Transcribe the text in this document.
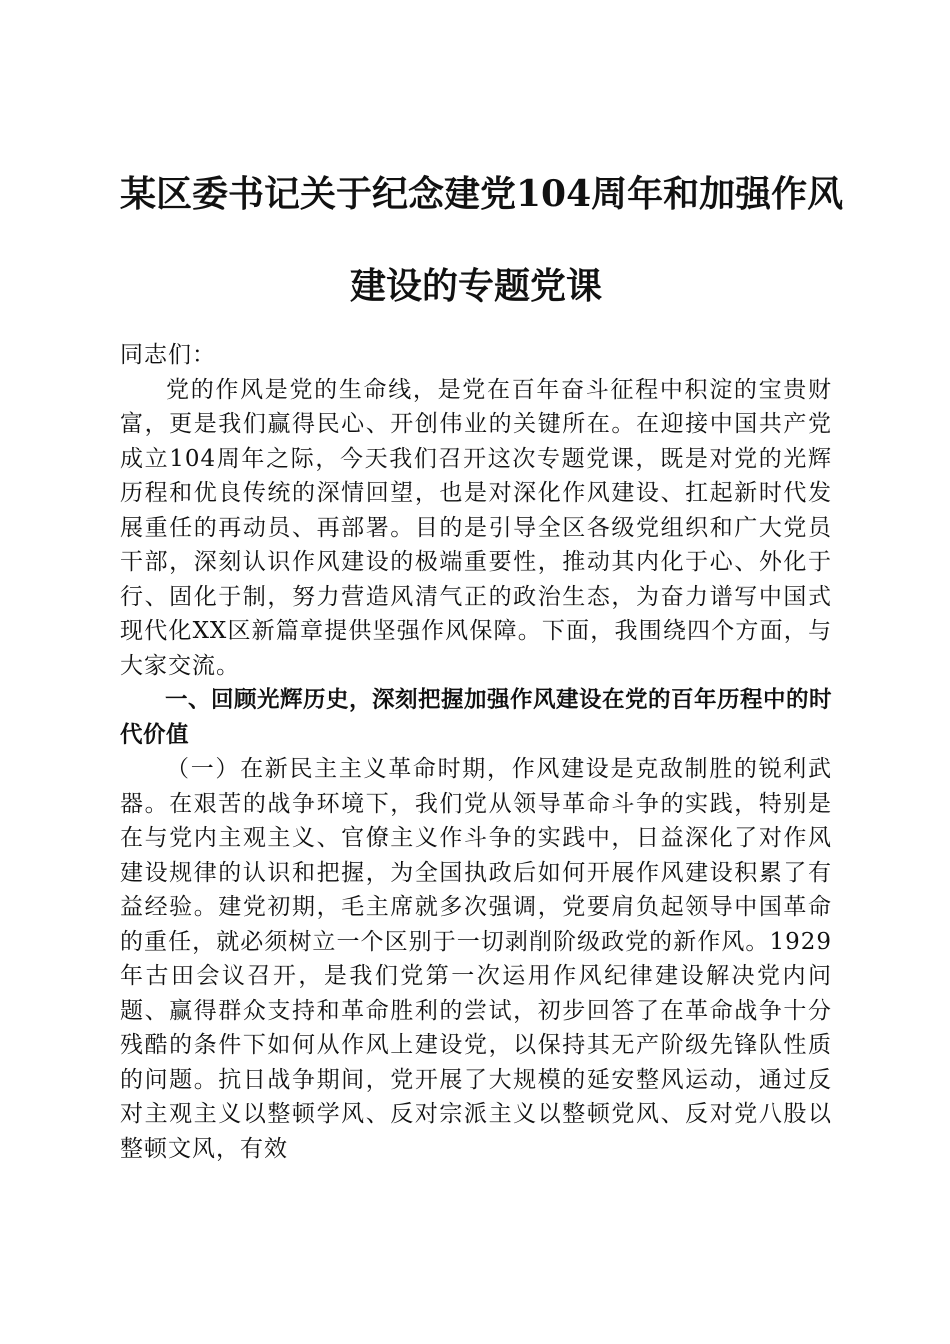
某区委书记关于纪念建党104周年和加强作风
建设的专题党课

同志们：

党的作风是党的生命线，是党在百年奋斗征程中积淀的宝贵财富，更是我们赢得民心、开创伟业的关键所在。在迎接中国共产党成立104周年之际，今天我们召开这次专题党课，既是对党的光辉历程和优良传统的深情回望，也是对深化作风建设、扛起新时代发展重任的再动员、再部署。目的是引导全区各级党组织和广大党员干部，深刻认识作风建设的极端重要性，推动其内化于心、外化于行、固化于制，努力营造风清气正的政治生态，为奋力谱写中国式现代化XX区新篇章提供坚强作风保障。下面，我围绕四个方面，与大家交流。

一、回顾光辉历史，深刻把握加强作风建设在党的百年历程中的时代价值

（一）在新民主主义革命时期，作风建设是克敌制胜的锐利武器。在艰苦的战争环境下，我们党从领导革命斗争的实践，特别是在与党内主观主义、官僚主义作斗争的实践中，日益深化了对作风建设规律的认识和把握，为全国执政后如何开展作风建设积累了有益经验。建党初期，毛主席就多次强调，党要肩负起领导中国革命的重任，就必须树立一个区别于一切剥削阶级政党的新作风。1929年古田会议召开，是我们党第一次运用作风纪律建设解决党内问题、赢得群众支持和革命胜利的尝试，初步回答了在革命战争十分残酷的条件下如何从作风上建设党，以保持其无产阶级先锋队性质的问题。抗日战争期间，党开展了大规模的延安整风运动，通过反对主观主义以整顿学风、反对宗派主义以整顿党风、反对党八股以整顿文风，有效
